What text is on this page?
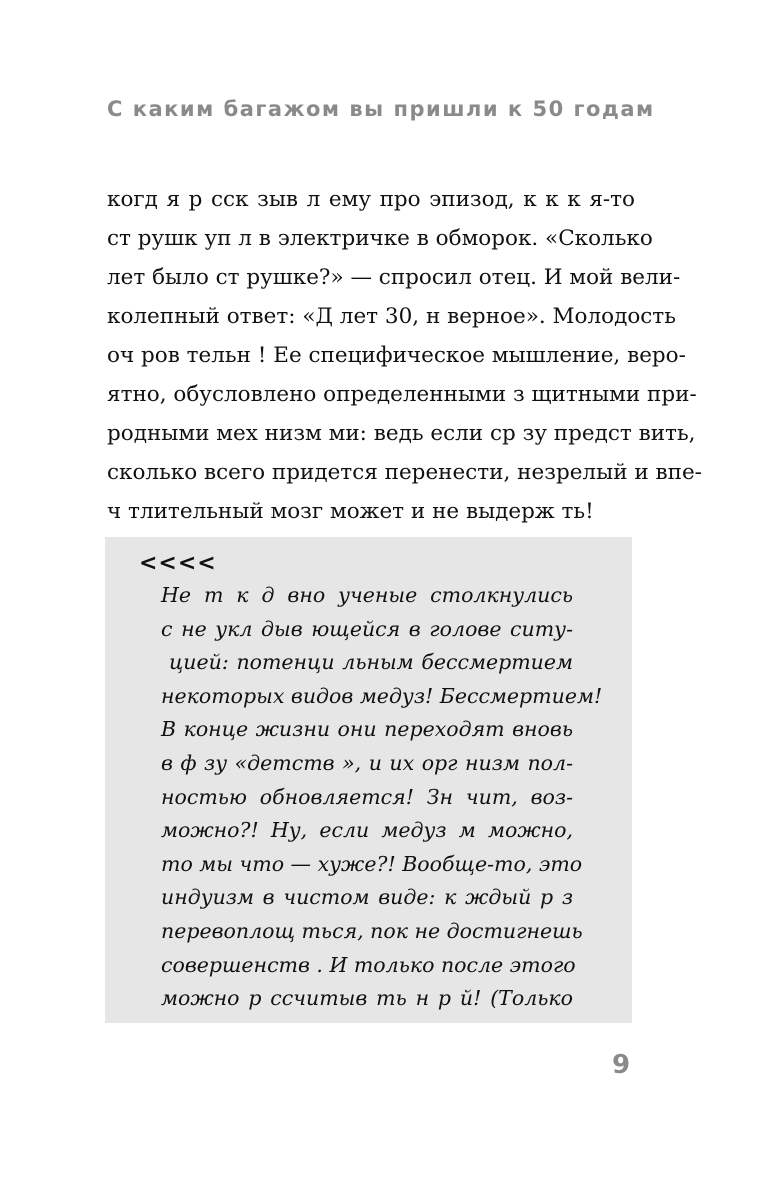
С каким багажом вы пришли к 50 годам
когд я р сск зыв л ему про эпизод, к к к я-то
ст рушк уп л в электричке в обморок. «Сколько
лет было ст рушке?» — спросил отец. И мой вели-
колепный ответ: «Д лет 30, н верное». Молодость
оч ров тельн ! Ее специфическое мышление, веро-
ятно, обусловлено определенными з щитными при-
родными мех низм ми: ведь если ср зу предст вить,
сколько всего придется перенести, незрелый и впе-
ч тлительный мозг может и не выдерж ть!
<<<<
Не т к д вно ученые столкнулись
с не укл дыв ющейся в голове ситу-
циeй: потенци льным бессмертием
некоторых видов медуз! Бессмертием!
В конце жизни они переходят вновь
в ф зу «детств », и их орг низм пол-
ностью обновляется! Зн чит, воз-
можно?! Ну, если медуз м можно,
то мы что — хуже?! Вообще-то, это
индуизм в чистом виде: к ждый р з
перевоплощ ться, пок не достигнешь
совершенств . И только после этого
можно р ссчитыв ть н р й! (Только
9
